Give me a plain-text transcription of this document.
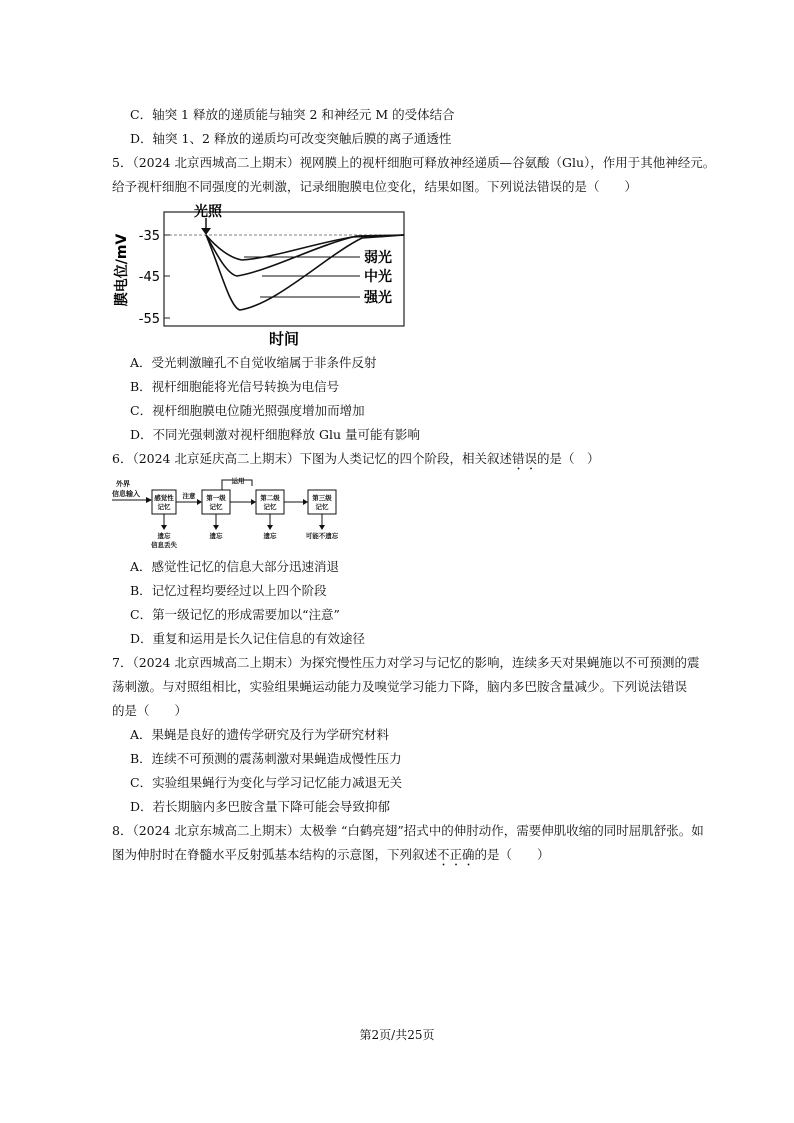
C．轴突 1 释放的递质能与轴突 2 和神经元 M 的受体结合
D．轴突 1、2 释放的递质均可改变突触后膜的离子通透性
5．（2024 北京西城高二上期末）视网膜上的视杆细胞可释放神经递质—谷氨酸（Glu），作用于其他神经元。
给予视杆细胞不同强度的光刺激，记录细胞膜电位变化，结果如图。下列说法错误的是（　　）
-35
-45
-55
膜电位/mV
时间
光照
弱光
中光
强光
A．受光刺激瞳孔不自觉收缩属于非条件反射
B．视杆细胞能将光信号转换为电信号
C．视杆细胞膜电位随光照强度增加而增加
D．不同光强刺激对视杆细胞释放 Glu 量可能有影响
6．（2024 北京延庆高二上期末）下图为人类记忆的四个阶段，相关叙述错误的是（　）
外界
信息输入 感觉性
记忆
第一级
记忆
第二级
记忆
第三级
记忆
注意
运用
遗忘
信息丢失
遗忘	遗忘	可能不遗忘
A．感觉性记忆的信息大部分迅速消退
B．记忆过程均要经过以上四个阶段
C．第一级记忆的形成需要加以“注意”
D．重复和运用是长久记住信息的有效途径
7．（2024 北京西城高二上期末）为探究慢性压力对学习与记忆的影响，连续多天对果蝇施以不可预测的震
荡刺激。与对照组相比，实验组果蝇运动能力及嗅觉学习能力下降，脑内多巴胺含量减少。下列说法错误
的是（　　）
A．果蝇是良好的遗传学研究及行为学研究材料
B．连续不可预测的震荡刺激对果蝇造成慢性压力
C．实验组果蝇行为变化与学习记忆能力减退无关
D．若长期脑内多巴胺含量下降可能会导致抑郁
8．（2024 北京东城高二上期末）太极拳 “白鹤亮翅”招式中的伸肘动作，需要伸肌收缩的同时屈肌舒张。如
图为伸肘时在脊髓水平反射弧基本结构的示意图，下列叙述不正确的是（　　）
第2页/共25页
